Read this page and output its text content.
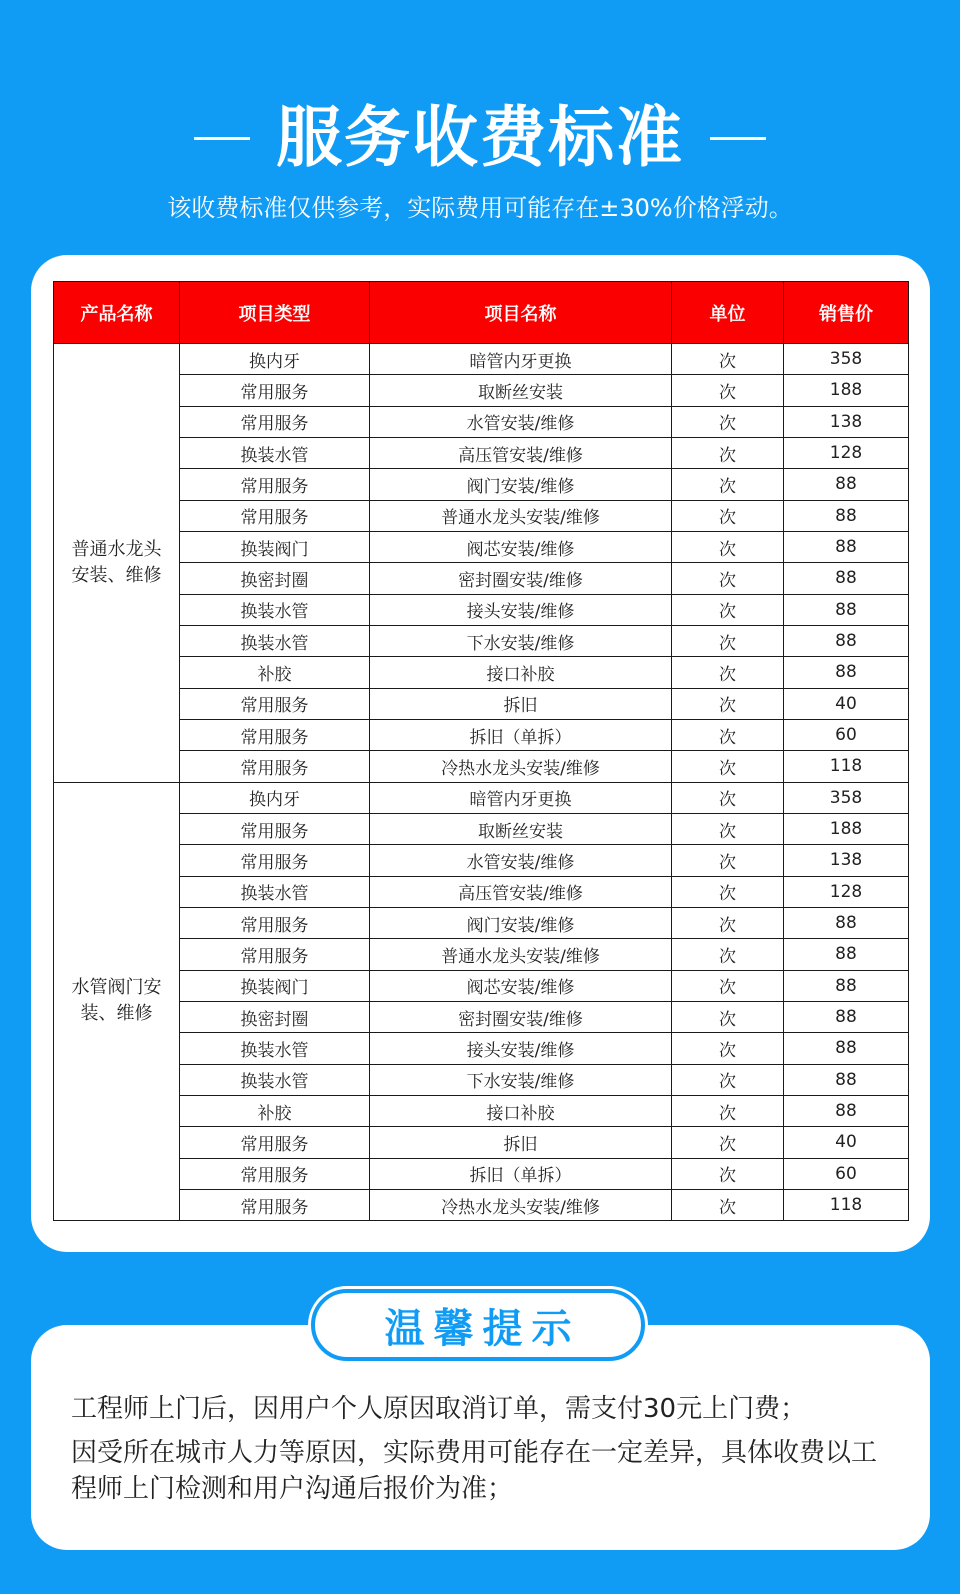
服务收费标准
该收费标准仅供参考，实际费用可能存在±30%价格浮动。
产品名称	项目类型	项目名称	单位	销售价
普通水龙头安装、维修	换内牙	暗管内牙更换	次	358
	常用服务	取断丝安装	次	188
	常用服务	水管安装/维修	次	138
	换装水管	高压管安装/维修	次	128
	常用服务	阀门安装/维修	次	88
	常用服务	普通水龙头安装/维修	次	88
	换装阀门	阀芯安装/维修	次	88
	换密封圈	密封圈安装/维修	次	88
	换装水管	接头安装/维修	次	88
	换装水管	下水安装/维修	次	88
	补胶	接口补胶	次	88
	常用服务	拆旧	次	40
	常用服务	拆旧（单拆）	次	60
	常用服务	冷热水龙头安装/维修	次	118
水管阀门安装、维修	换内牙	暗管内牙更换	次	358
	常用服务	取断丝安装	次	188
	常用服务	水管安装/维修	次	138
	换装水管	高压管安装/维修	次	128
	常用服务	阀门安装/维修	次	88
	常用服务	普通水龙头安装/维修	次	88
	换装阀门	阀芯安装/维修	次	88
	换密封圈	密封圈安装/维修	次	88
	换装水管	接头安装/维修	次	88
	换装水管	下水安装/维修	次	88
	补胶	接口补胶	次	88
	常用服务	拆旧	次	40
	常用服务	拆旧（单拆）	次	60
	常用服务	冷热水龙头安装/维修	次	118
温馨提示

工程师上门后，因用户个人原因取消订单，需支付30元上门费；

因受所在城市人力等原因，实际费用可能存在一定差异，具体收费以工程师上门检测和用户沟通后报价为准；
